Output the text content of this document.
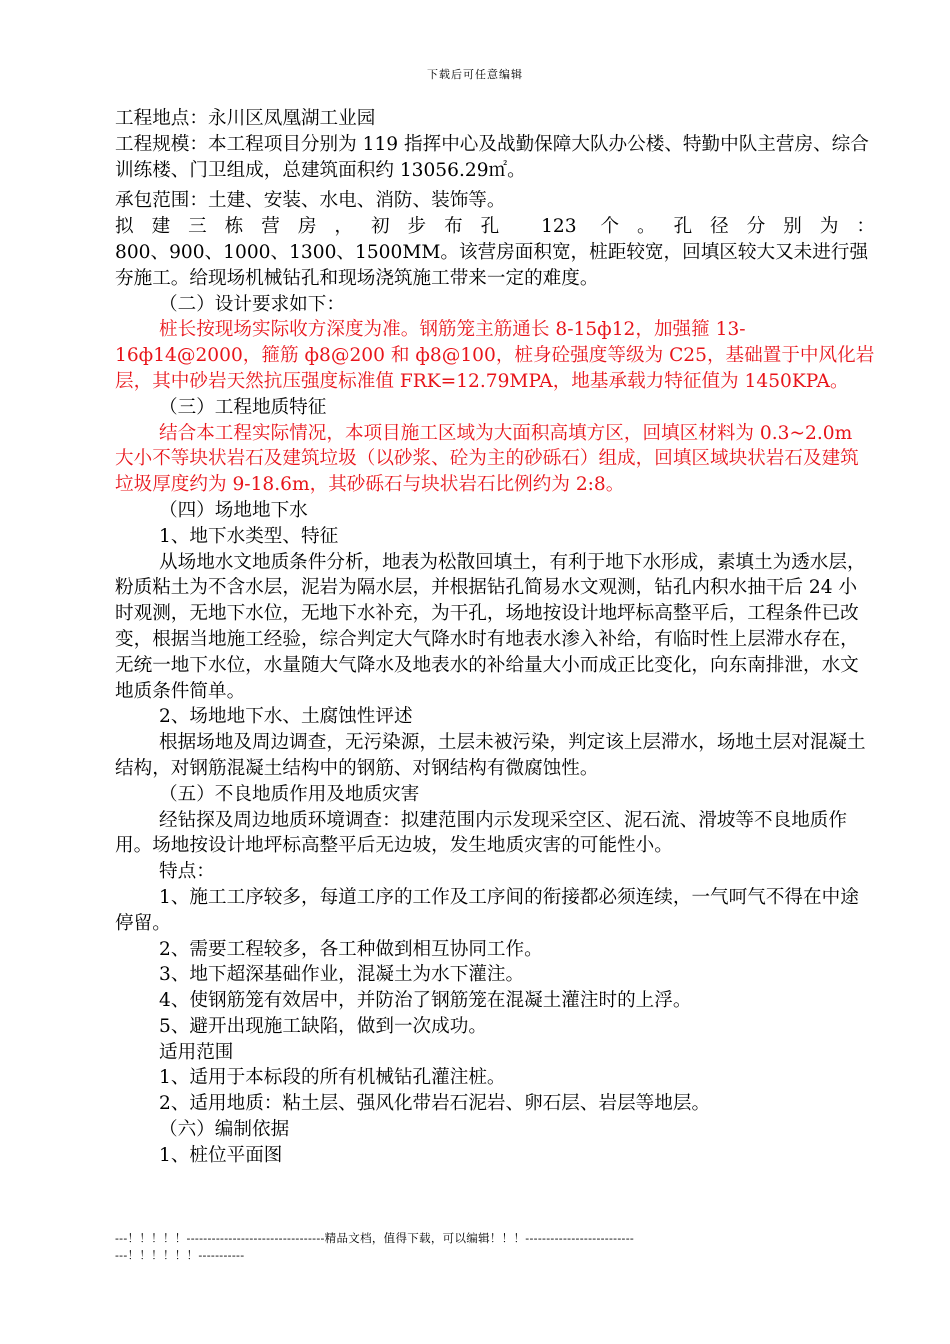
下载后可任意编辑

工程地点：永川区凤凰湖工业园

工程规模：本工程项目分别为 119 指挥中心及战勤保障大队办公楼、特勤中队主营房、综合训练楼、门卫组成，总建筑面积约 13056.29㎡。

承包范围：土建、安装、水电、消防、装饰等。

拟建三栋营房，初步布孔 123 个。孔径分别为：

800、900、1000、1300、1500MM。该营房面积宽，桩距较宽，回填区较大又未进行强夯施工。给现场机械钻孔和现场浇筑施工带来一定的难度。

（二）设计要求如下：

桩长按现场实际收方深度为准。钢筋笼主筋通长 8-15ф12，加强箍 13-16ф14@2000，箍筋 ф8@200 和 ф8@100，桩身砼强度等级为 C25，基础置于中风化岩层，其中砂岩天然抗压强度标准值 FRK=12.79MPA，地基承载力特征值为 1450KPA。

（三）工程地质特征

结合本工程实际情况，本项目施工区域为大面积高填方区，回填区材料为 0.3~2.0m 大小不等块状岩石及建筑垃圾（以砂浆、砼为主的砂砾石）组成，回填区域块状岩石及建筑垃圾厚度约为 9-18.6m，其砂砾石与块状岩石比例约为 2:8。

（四）场地地下水

1、地下水类型、特征

从场地水文地质条件分析，地表为松散回填土，有利于地下水形成，素填土为透水层，粉质粘土为不含水层，泥岩为隔水层，并根据钻孔简易水文观测，钻孔内积水抽干后 24 小时观测，无地下水位，无地下水补充，为干孔，场地按设计地坪标高整平后，工程条件已改变，根据当地施工经验，综合判定大气降水时有地表水渗入补给，有临时性上层滞水存在，无统一地下水位，水量随大气降水及地表水的补给量大小而成正比变化，向东南排泄，水文地质条件简单。

2、场地地下水、土腐蚀性评述

根据场地及周边调查，无污染源，土层未被污染，判定该上层滞水，场地土层对混凝土结构，对钢筋混凝土结构中的钢筋、对钢结构有微腐蚀性。

（五）不良地质作用及地质灾害

经钻探及周边地质环境调查：拟建范围内示发现采空区、泥石流、滑坡等不良地质作用。场地按设计地坪标高整平后无边坡，发生地质灾害的可能性小。

特点：

1、施工工序较多，每道工序的工作及工序间的衔接都必须连续，一气呵气不得在中途停留。

2、需要工程较多，各工种做到相互协同工作。

3、地下超深基础作业，混凝土为水下灌注。

4、使钢筋笼有效居中，并防治了钢筋笼在混凝土灌注时的上浮。

5、避开出现施工缺陷，做到一次成功。

适用范围

1、适用于本标段的所有机械钻孔灌注桩。

2、适用地质：粘土层、强风化带岩石泥岩、卵石层、岩层等地层。

（六）编制依据

1、桩位平面图

---！！！！！---------------------------------精品文档，值得下载，可以编辑！！！-----------------------------！！！！！！-----------
